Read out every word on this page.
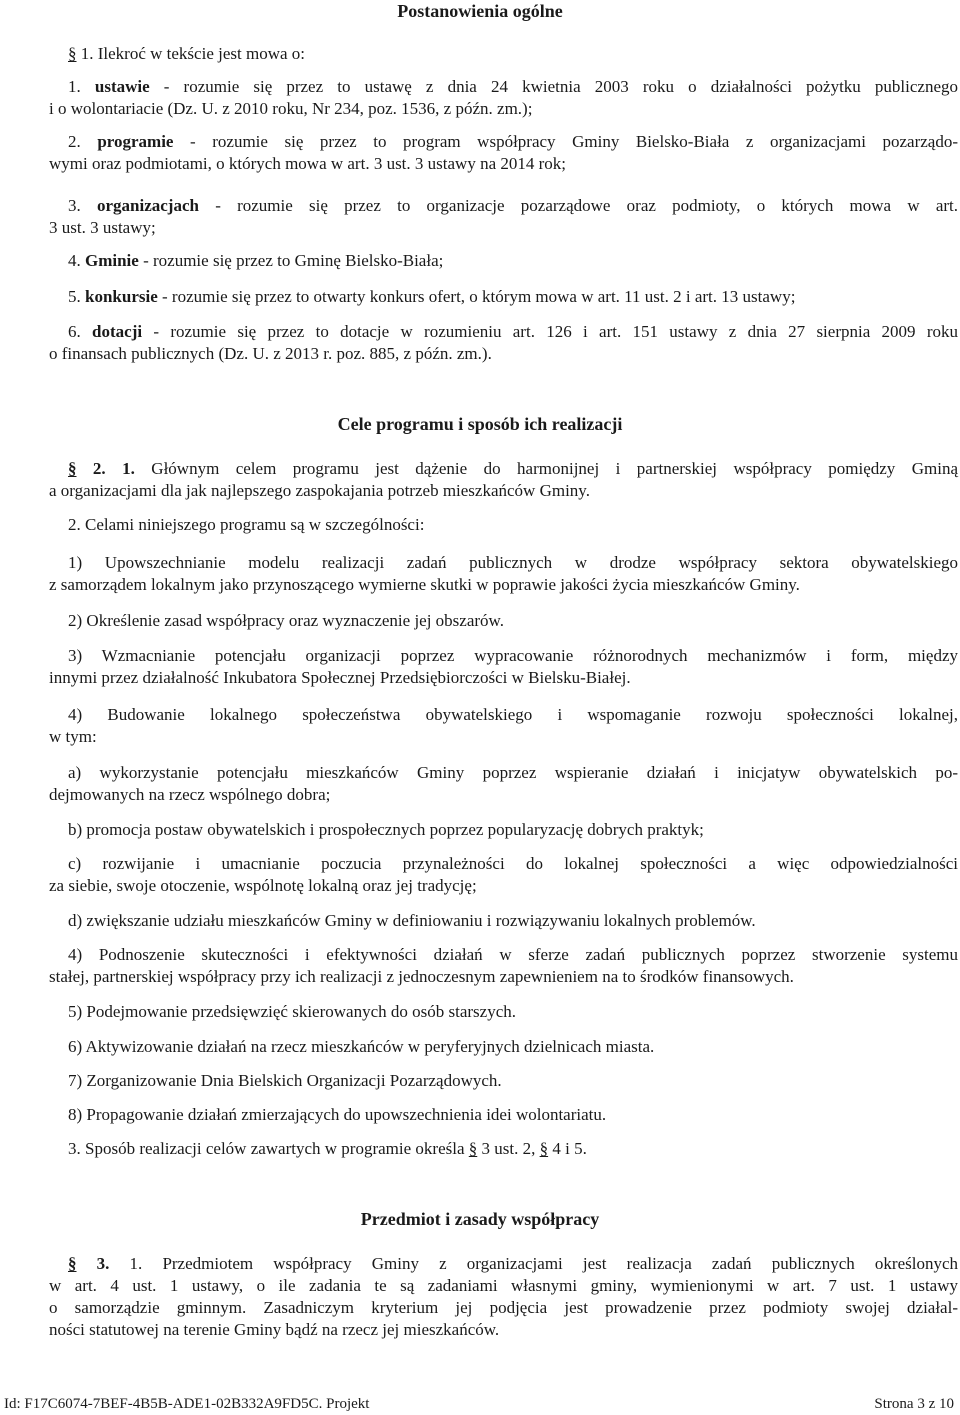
Postanowienia ogólne
§ 1. Ilekroć w tekście jest mowa o:
1. ustawie - rozumie się przez to ustawę z dnia 24 kwietnia 2003 roku o działalności pożytku publicznego
i o wolontariacie (Dz. U. z 2010 roku, Nr 234, poz. 1536, z późn. zm.);
2. programie - rozumie się przez to program współpracy Gminy Bielsko-Biała z organizacjami pozarządo-
wymi oraz podmiotami, o których mowa w art. 3 ust. 3 ustawy na 2014 rok;
3. organizacjach - rozumie się przez to organizacje pozarządowe oraz podmioty, o których mowa w art.
3 ust. 3 ustawy;
4. Gminie - rozumie się przez to Gminę Bielsko-Biała;
5. konkursie - rozumie się przez to otwarty konkurs ofert, o którym mowa w art. 11 ust. 2 i art. 13 ustawy;
6. dotacji - rozumie się przez to dotacje w rozumieniu art. 126 i art. 151 ustawy z dnia 27 sierpnia 2009 roku
o finansach publicznych (Dz. U. z 2013 r. poz. 885, z późn. zm.).
Cele programu i sposób ich realizacji
§ 2. 1. Głównym celem programu jest dążenie do harmonijnej i partnerskiej współpracy pomiędzy Gminą
a organizacjami dla jak najlepszego zaspokajania potrzeb mieszkańców Gminy.
2. Celami niniejszego programu są w szczególności:
1) Upowszechnianie modelu realizacji zadań publicznych w drodze współpracy sektora obywatelskiego
z samorządem lokalnym jako przynoszącego wymierne skutki w poprawie jakości życia mieszkańców Gminy.
2) Określenie zasad współpracy oraz wyznaczenie jej obszarów.
3) Wzmacnianie potencjału organizacji poprzez wypracowanie różnorodnych mechanizmów i form, między
innymi przez działalność Inkubatora Społecznej Przedsiębiorczości w Bielsku-Białej.
4) Budowanie lokalnego społeczeństwa obywatelskiego i wspomaganie rozwoju społeczności lokalnej,
w tym:
a) wykorzystanie potencjału mieszkańców Gminy poprzez wspieranie działań i inicjatyw obywatelskich po-
dejmowanych na rzecz wspólnego dobra;
b) promocja postaw obywatelskich i prospołecznych poprzez popularyzację dobrych praktyk;
c) rozwijanie i umacnianie poczucia przynależności do lokalnej społeczności a więc odpowiedzialności
za siebie, swoje otoczenie, wspólnotę lokalną oraz jej tradycję;
d) zwiększanie udziału mieszkańców Gminy w definiowaniu i rozwiązywaniu lokalnych problemów.
4) Podnoszenie skuteczności i efektywności działań w sferze zadań publicznych poprzez stworzenie systemu
stałej, partnerskiej współpracy przy ich realizacji z jednoczesnym zapewnieniem na to środków finansowych.
5) Podejmowanie przedsięwzięć skierowanych do osób starszych.
6) Aktywizowanie działań na rzecz mieszkańców w peryferyjnych dzielnicach miasta.
7) Zorganizowanie Dnia Bielskich Organizacji Pozarządowych.
8) Propagowanie działań zmierzających do upowszechnienia idei wolontariatu.
3. Sposób realizacji celów zawartych w programie określa § 3 ust. 2, § 4 i 5.
Przedmiot i zasady współpracy
§ 3. 1. Przedmiotem współpracy Gminy z organizacjami jest realizacja zadań publicznych określonych
w art. 4 ust. 1 ustawy, o ile zadania te są zadaniami własnymi gminy, wymienionymi w art. 7 ust. 1 ustawy
o samorządzie gminnym. Zasadniczym kryterium jej podjęcia jest prowadzenie przez podmioty swojej działal-
ności statutowej na terenie Gminy bądź na rzecz jej mieszkańców.
Id: F17C6074-7BEF-4B5B-ADE1-02B332A9FD5C. Projekt	Strona 3 z 10
